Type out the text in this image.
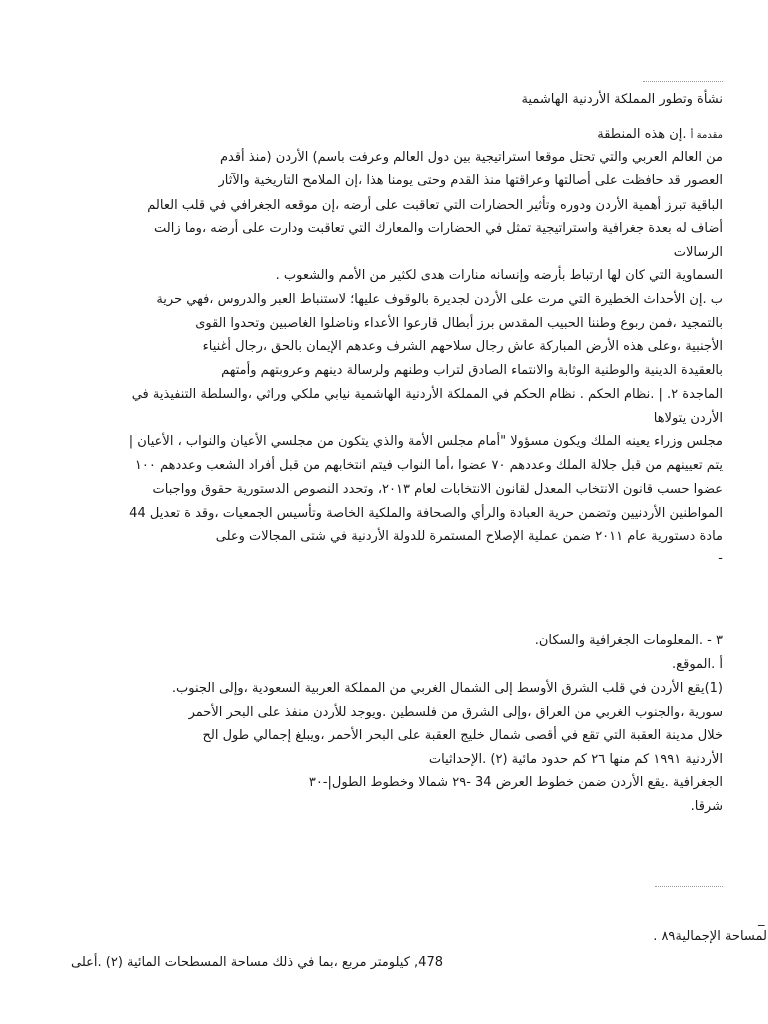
نشأة وتطور المملكة الأردنية الهاشمية

مقدمة أ .إن هذه المنطقة

من العالم العربي والتي تحتل موقعا استراتيجية بين دول العالم وعرفت باسم) الأردن (منذ أقدم

العصور قد حافظت على أصالتها وعراقتها منذ القدم وحتى يومنا هذا ،إن الملامح التاريخية والآثار

الباقية تبرز أهمية الأردن ودوره وتأثير الحضارات التي تعاقبت على أرضه ،إن موقعه الجغرافي في قلب العالم

أضاف له بعدة جغرافية واستراتيجية تمثل في الحضارات والمعارك التي تعاقبت ودارت على أرضه ،وما زالت

الرسالات

السماوية التي كان لها ارتباط بأرضه وإنسانه منارات هدى لكثير من الأمم والشعوب .

ب .إن الأحداث الخطيرة التي مرت على الأردن لجديرة بالوقوف عليها؛ لاستنباط العبر والدروس ،فهي حرية

بالتمجيد ،فمن ربوع وطننا الحبيب المقدس برز أبطال قارعوا الأعداء وناضلوا الغاصبين وتحدوا القوى

الأجنبية ،وعلى هذه الأرض المباركة عاش رجال سلاحهم الشرف وعدهم الإيمان بالحق ،رجال أغنياء

بالعقيدة الدينية والوطنية الوثابة والانتماء الصادق لتراب وطنهم ولرسالة دينهم وعروبتهم وأمتهم

الماجدة ٢. | .نظام الحكم . نظام الحكم في المملكة الأردنية الهاشمية نيابي ملكي وراثي ،والسلطة التنفيذية في

الأردن يتولاها

مجلس وزراء يعينه الملك ويكون مسؤولا "أمام مجلس الأمة والذي يتكون من مجلسي الأعيان والنواب ، الأعيان |

يتم تعيينهم من قبل جلالة الملك وعددهم ٧٠ عضوا ،أما النواب فيتم انتخابهم من قبل أفراد الشعب وعددهم ١٠٠

عضوا حسب قانون الانتخاب المعدل لقانون الانتخابات لعام ٢٠١٣، وتحدد النصوص الدستورية حقوق وواجبات

المواطنين الأردنيين وتضمن حرية العبادة والرأي والصحافة والملكية الخاصة وتأسيس الجمعيات ،وقد ة تعديل 44

مادة دستورية عام ٢٠١١ ضمن عملية الإصلاح المستمرة للدولة الأردنية في شتى المجالات وعلى

-

٣ - .المعلومات الجغرافية والسكان.

أ .الموقع.

(1)يقع الأردن في قلب الشرق الأوسط إلى الشمال الغربي من المملكة العربية السعودية ،وإلى الجنوب.

سورية ،والجنوب الغربي من العراق ،وإلى الشرق من فلسطين .ويوجد للأردن منفذ على البحر الأحمر

خلال مدينة العقبة التي تقع في أقصى شمال خليج العقبة على البحر الأحمر ،ويبلغ إجمالي طول الح

الأردنية ١٩٩١ كم منها ٢٦ كم حدود مائية (٢) .الإحداثيات

الجغرافية .يقع الأردن ضمن خطوط العرض 34 -٢٩ شمالا وخطوط الطول|-٣٠

شرقا.

_

لمساحة الإجمالية٨٩ .

478, كيلومتر مربع ،بما في ذلك مساحة المسطحات المائية (٢) .أعلى
